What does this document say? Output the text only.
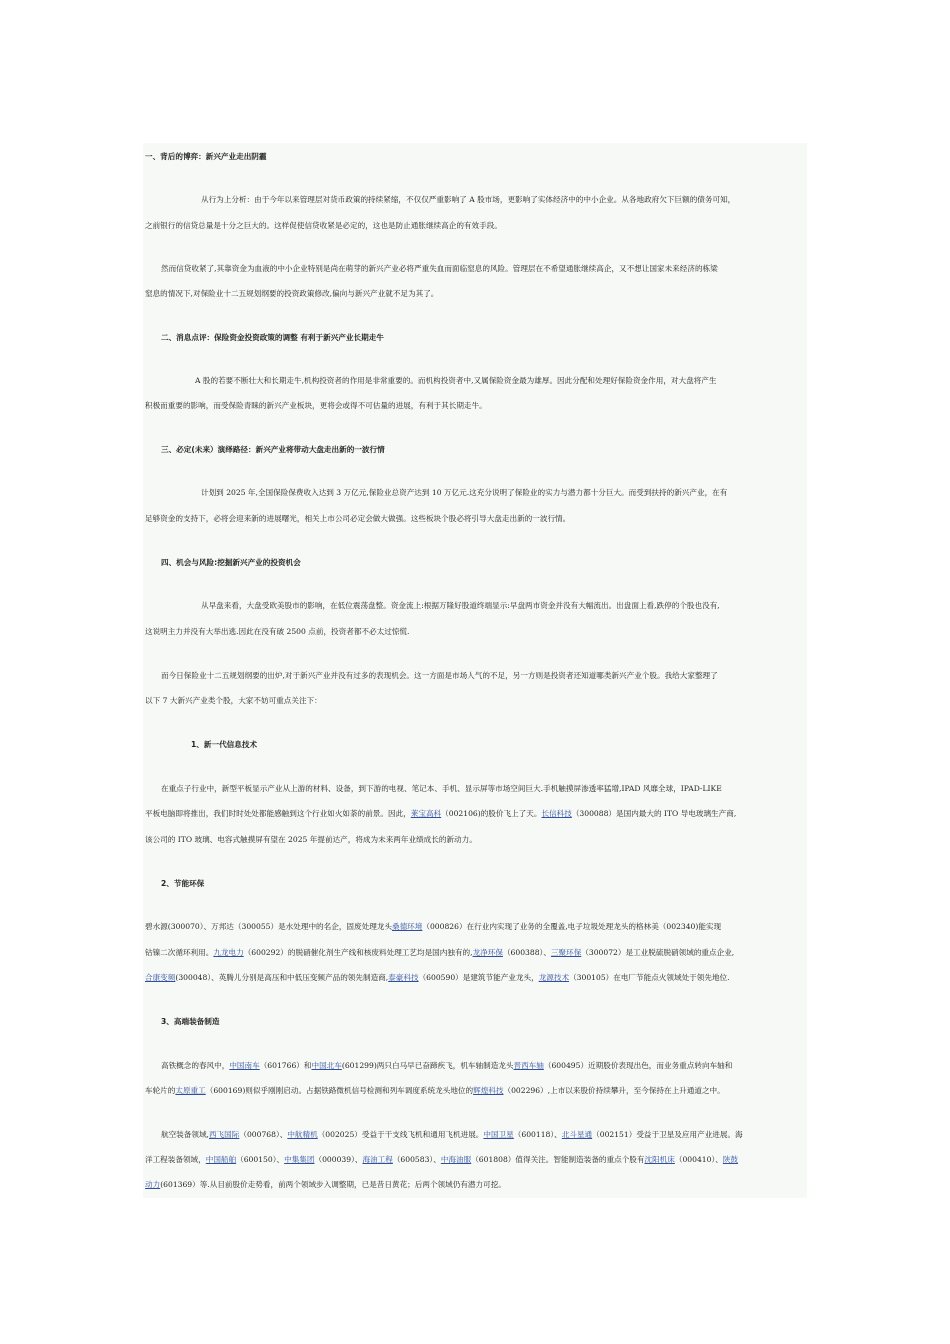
一、背后的博弈：新兴产业走出阴霾
从行为上分析：由于今年以来管理层对货币政策的持续紧缩，不仅仅严重影响了 A 股市场，更影响了实体经济中的中小企业。从各地政府欠下巨额的债务可知，
之前银行的信贷总量是十分之巨大的。这样促使信贷收紧是必定的，这也是防止通胀继续高企的有效手段。
然而信贷收紧了,其靠资金为血液的中小企业特别是尚在萌芽的新兴产业必将严重失血而面临窒息的风险。管理层在不希望通胀继续高企，又不想让国家未来经济的栋梁
窒息的情况下,对保险业十二五规划纲要的投资政策修改,偏向与新兴产业就不足为其了。
二、消息点评：保险资金投资政策的调整 有利于新兴产业长期走牛
A 股的若要不断壮大和长期走牛,机构投资者的作用是非常重要的。而机构投资者中,又属保险资金最为雄厚。因此分配和处理好保险资金作用，对大盘将产生
积极而重要的影响，而受保险青睐的新兴产业板块，更将会或得不可估量的进展，有利于其长期走牛。
三、必定(未来）演绎路径：新兴产业将带动大盘走出新的一波行情
计划到 2025 年,全国保险保费收入达到 3 万亿元,保险业总资产达到 10 万亿元.这充分说明了保险业的实力与潜力都十分巨大。而受到扶持的新兴产业，在有
足够资金的支持下，必将会迎来新的进展曙光，相关上市公司必定会做大做强。这些板块个股必将引导大盘走出新的一波行情。
四、机会与风险:挖掘新兴产业的投资机会
从早盘来看，大盘受欧美股市的影响，在低位震荡盘整。资金流上:根据万隆好股道终端显示:早盘两市资金并没有大幅流出。出盘面上看,跌停的个股也没有,
这说明主力并没有大举出逃.因此在没有破 2500 点前，投资者都不必太过惊慌.
而今日保险业十二五规划纲要的出炉,对于新兴产业并没有过多的表现机会。这一方面是市场人气的不足，另一方则是投资者还知道哪类新兴产业个股。我给大家整理了
以下 7 大新兴产业类个股，大家不妨可重点关注下：
1、新一代信息技术
在重点子行业中，新型平板显示产业从上游的材料、设备，到下游的电视、笔记本、手机、显示屏等市场空间巨大.手机触摸屏渗透率猛增,IPAD 风靡全球，IPAD-LIKE
平板电脑即将推出，我们时时处处都能感触到这个行业如火如荼的前景。因此，莱宝高科（002106)的股价飞上了天。长信科技（300088）是国内最大的 ITO 导电玻璃生产商,
该公司的 ITO 玻璃、电容式触摸屏有望在 2025 年提前达产，将成为未来两年业绩成长的新动力。
2、节能环保
碧水源(300070）、万邦达（300055）是水处理中的名企，固废处理龙头桑德环境（000826）在行业内实现了业务的全覆盖,电子垃圾处理龙头的格林美（002340)能实现
钴镍二次循环利用。九龙电力（600292）的脱硝催化剂生产线和核废料处理工艺均是国内独有的,龙净环保（600388）、三聚环保（300072）是工业脱硫脱硝领域的重点企业,
合康变频(300048）、英腾儿分别是高压和中低压变频产品的领先制造商,泰豪科技（600590）是建筑节能产业龙头，龙源技术（300105）在电厂节能点火领域处于领先地位.
3、高端装备制造
高铁概念的春风中，中国南车（601766）和中国北车(601299)两只白马早已奋蹄疾飞，机车轴制造龙头晋西车轴（600495）近期股价表现出色，而业务重点转向车轴和
车轮片的太原重工（600169)则似乎刚刚启动。占据铁路微机信号检测和列车调度系统龙头地位的辉煌科技（002296）,上市以来股价持续攀升，至今保持在上升通道之中。
航空装备领域,西飞国际（000768）、中航精机（002025）受益于干支线飞机和通用飞机进展。中国卫星（600118）、北斗星通（002151）受益于卫星及应用产业进展。海
洋工程装备领域，中国船舶（600150）、中集集团（000039）、海油工程（600583）、中海油服（601808）值得关注。智能制造装备的重点个股有沈阳机床（000410）、陕鼓
动力(601369）等.从目前股价走势看，前两个领域步入调整期，已是昔日黄花；后两个领域仍有潜力可挖。
